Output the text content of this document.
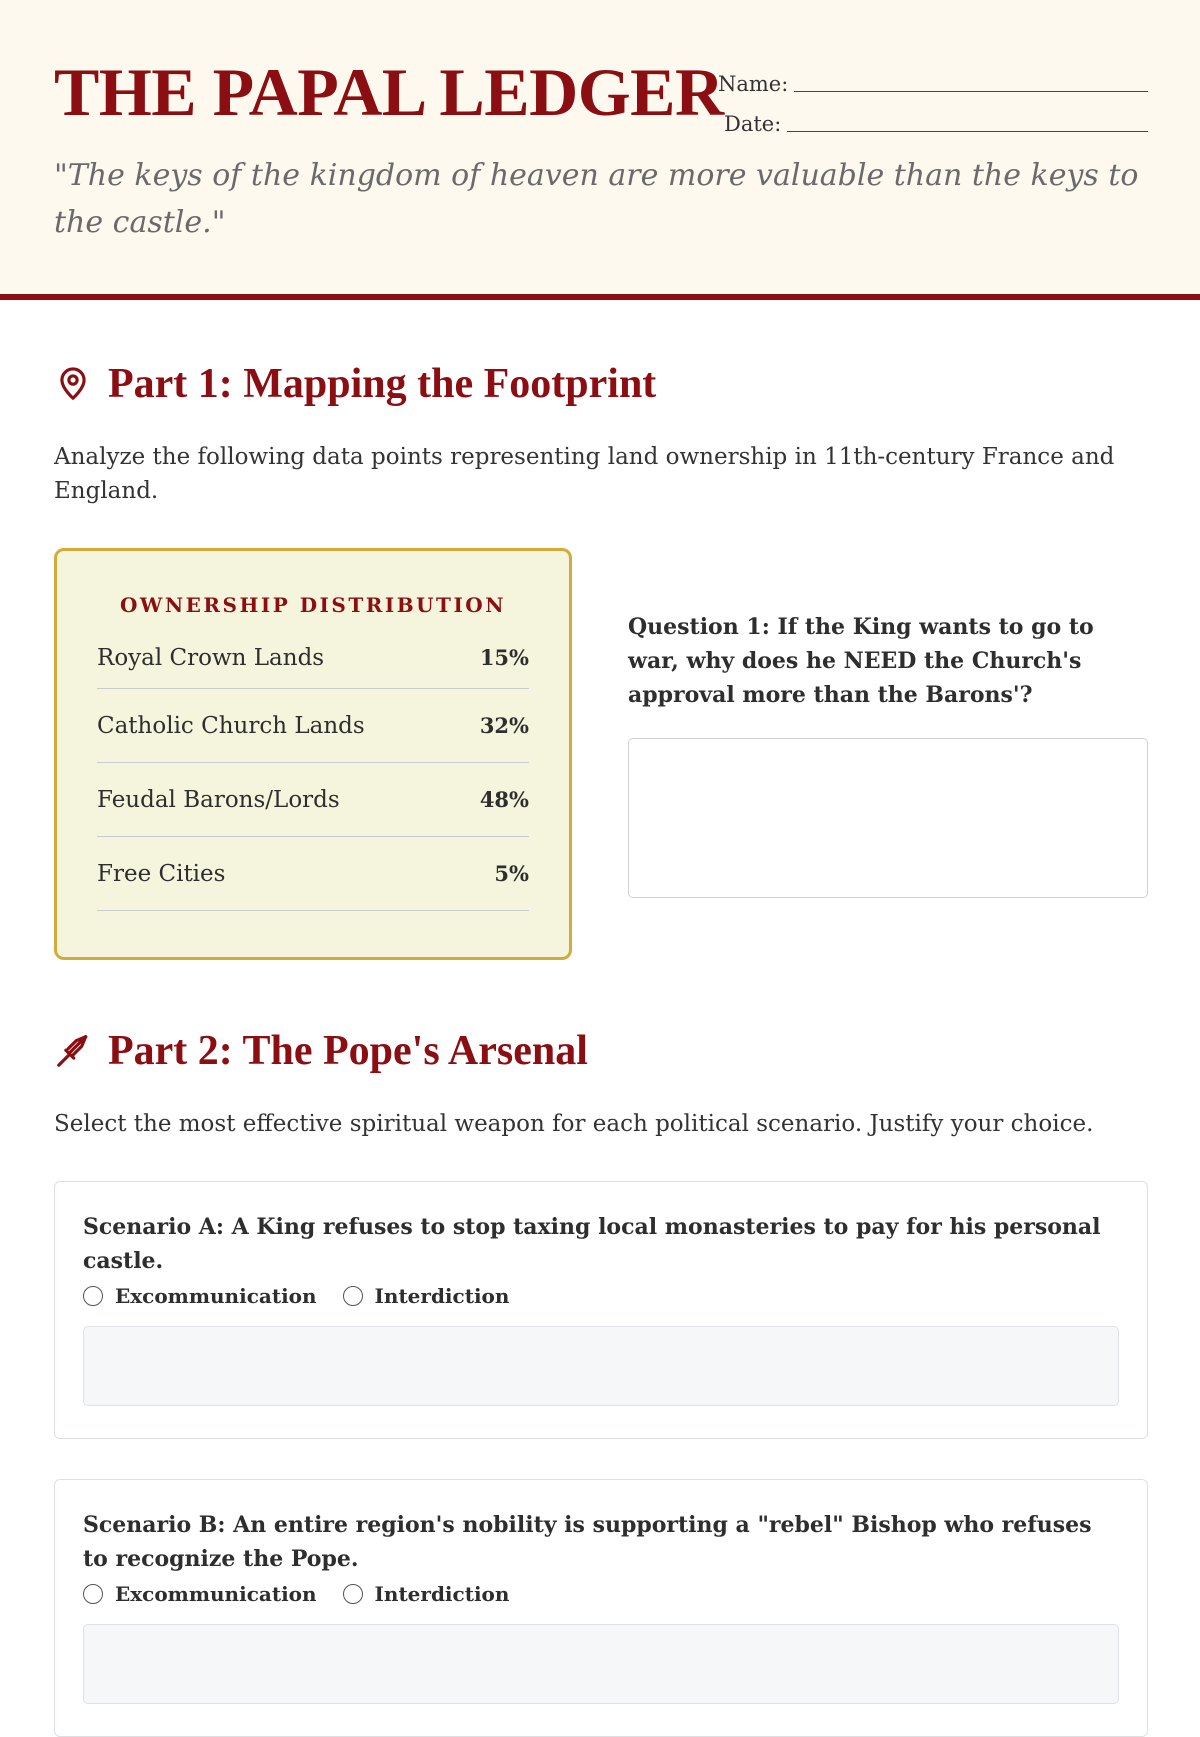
THE PAPAL LEDGER
Name:
Date:

"The keys of the kingdom of heaven are more valuable than the keys to the castle."

Part 1: Mapping the Footprint

Analyze the following data points representing land ownership in 11th-century France and England.

OWNERSHIP DISTRIBUTION
Royal Crown Lands	15%
Catholic Church Lands	32%
Feudal Barons/Lords	48%
Free Cities	5%

Question 1: If the King wants to go to war, why does he NEED the Church's approval more than the Barons'?

Part 2: The Pope's Arsenal

Select the most effective spiritual weapon for each political scenario. Justify your choice.

Scenario A: A King refuses to stop taxing local monasteries to pay for his personal castle.
Excommunication	Interdiction
Scenario B: An entire region's nobility is supporting a "rebel" Bishop who refuses to recognize the Pope.
Excommunication	Interdiction
